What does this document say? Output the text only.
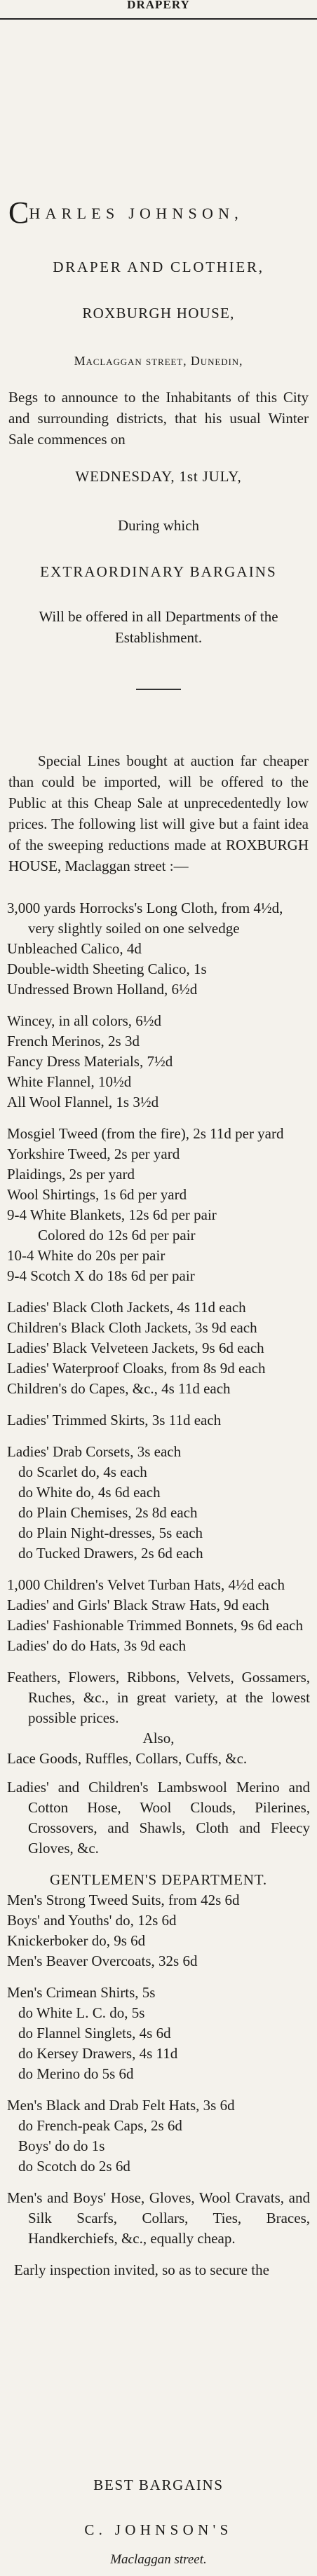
DRAPERY
CHARLES JOHNSON,
DRAPER AND CLOTHIER,
ROXBURGH HOUSE,
Maclaggan street, Dunedin,
Begs to announce to the Inhabitants of this City and surrounding districts, that his usual Winter Sale commences on
WEDNESDAY, 1st JULY,
During which
EXTRAORDINARY BARGAINS
Will be offered in all Departments of the Establishment.
Special Lines bought at auction far cheaper than could be imported, will be offered to the Public at this Cheap Sale at unprecedentedly low prices. The following list will give but a faint idea of the sweeping reductions made at ROXBURGH HOUSE, Maclaggan street :—
3,000 yards Horrocks's Long Cloth, from 4½d, very slightly soiled on one selvedge
Unbleached Calico, 4d
Double-width Sheeting Calico, 1s
Undressed Brown Holland, 6½d
Wincey, in all colors, 6½d
French Merinos, 2s 3d
Fancy Dress Materials, 7½d
White Flannel, 10½d
All Wool Flannel, 1s 3½d
Mosgiel Tweed (from the fire), 2s 11d per yard
Yorkshire Tweed, 2s per yard
Plaidings, 2s per yard
Wool Shirtings, 1s 6d per yard
9-4 White Blankets, 12s 6d per pair
Colored do 12s 6d per pair
10-4 White do 20s per pair
9-4 Scotch X do 18s 6d per pair
Ladies' Black Cloth Jackets, 4s 11d each
Children's Black Cloth Jackets, 3s 9d each
Ladies' Black Velveteen Jackets, 9s 6d each
Ladies' Waterproof Cloaks, from 8s 9d each
Children's do Capes, &c., 4s 11d each
Ladies' Trimmed Skirts, 3s 11d each
Ladies' Drab Corsets, 3s each
do Scarlet do, 4s each
do White do, 4s 6d each
do Plain Chemises, 2s 8d each
do Plain Night-dresses, 5s each
do Tucked Drawers, 2s 6d each
1,000 Children's Velvet Turban Hats, 4½d each
Ladies' and Girls' Black Straw Hats, 9d each
Ladies' Fashionable Trimmed Bonnets, 9s 6d each
Ladies' do do Hats, 3s 9d each
Feathers, Flowers, Ribbons, Velvets, Gossamers, Ruches, &c., in great variety, at the lowest possible prices.
Also,
Lace Goods, Ruffles, Collars, Cuffs, &c.
Ladies' and Children's Lambswool Merino and Cotton Hose, Wool Clouds, Pilerines, Crossovers, and Shawls, Cloth and Fleecy Gloves, &c.
GENTLEMEN'S DEPARTMENT.
Men's Strong Tweed Suits, from 42s 6d
Boys' and Youths' do, 12s 6d
Knickerboker do, 9s 6d
Men's Beaver Overcoats, 32s 6d
Men's Crimean Shirts, 5s
do White L. C. do, 5s
do Flannel Singlets, 4s 6d
do Kersey Drawers, 4s 11d
do Merino do 5s 6d
Men's Black and Drab Felt Hats, 3s 6d
do French-peak Caps, 2s 6d
Boys' do do 1s
do Scotch do 2s 6d
Men's and Boys' Hose, Gloves, Wool Cravats, and Silk Scarfs, Collars, Ties, Braces, Handkerchiefs, &c., equally cheap.
Early inspection invited, so as to secure the
BEST BARGAINS
C. JOHNSON'S
Maclaggan street.
